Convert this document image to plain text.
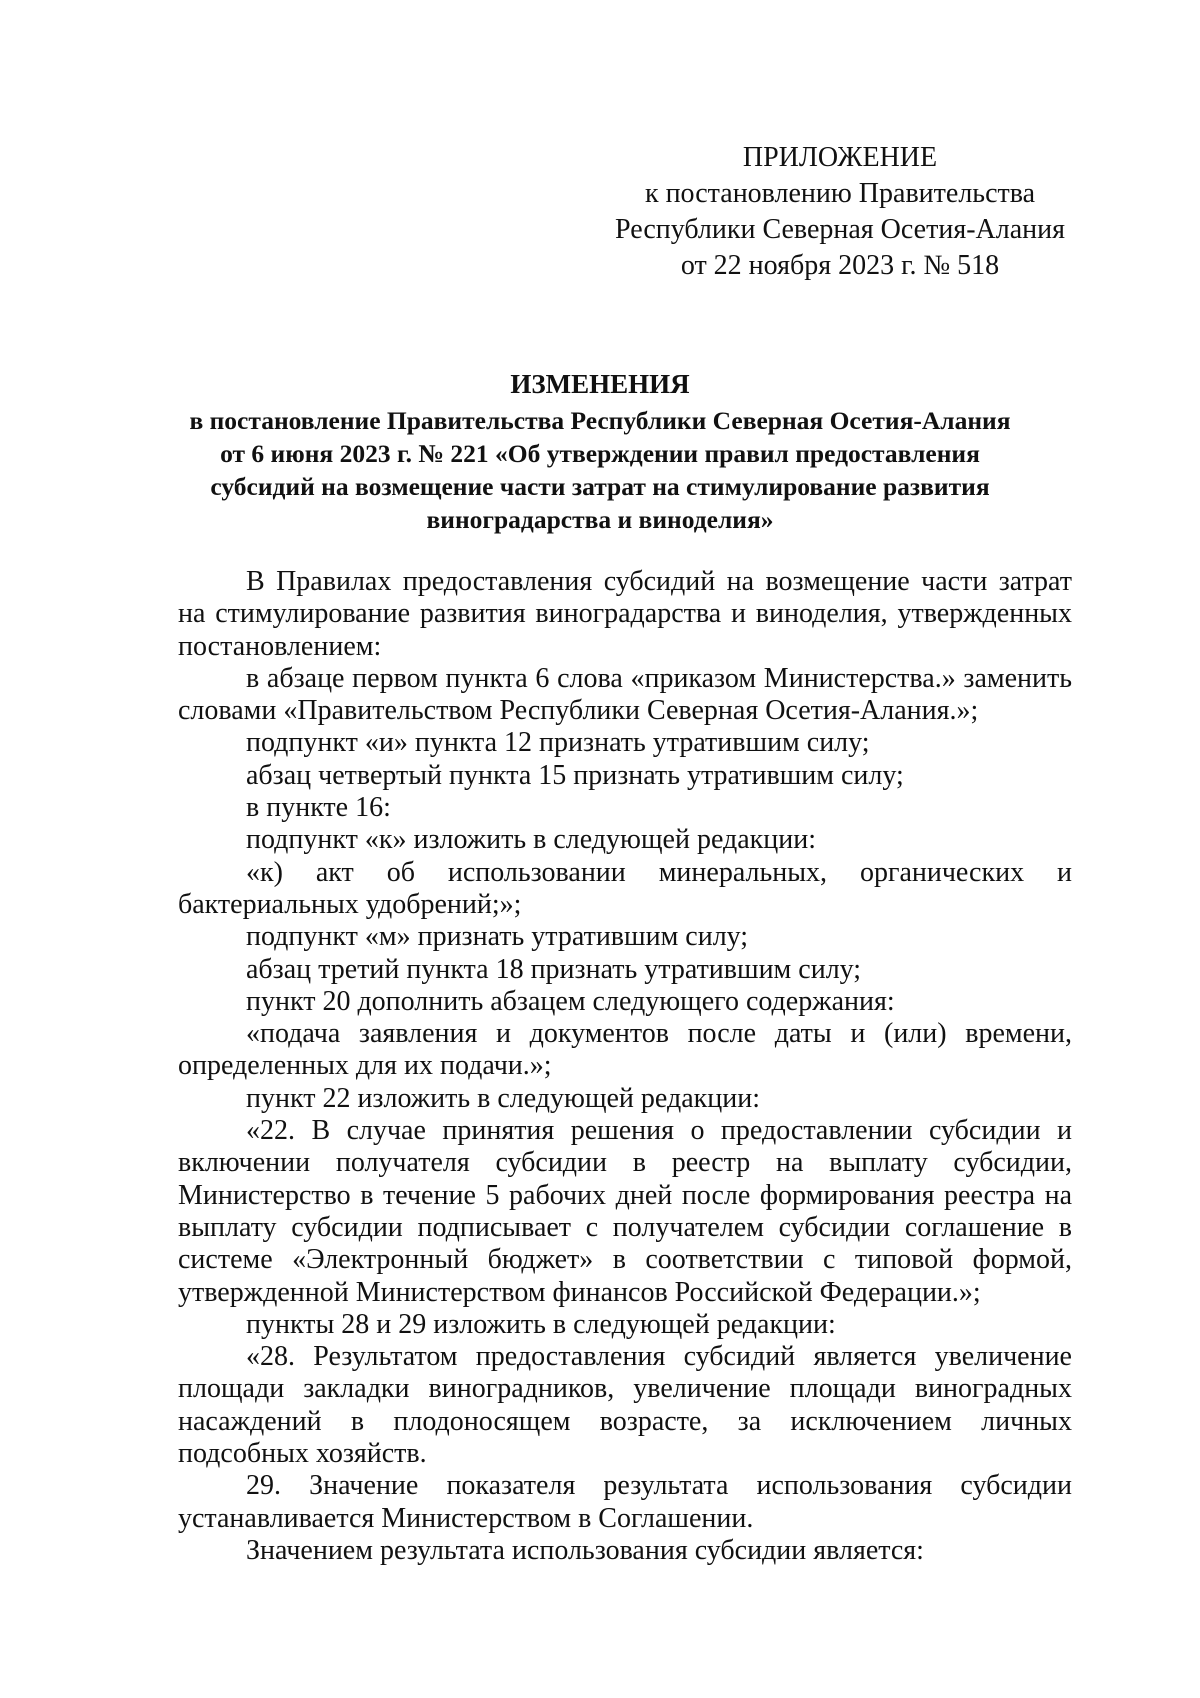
ПРИЛОЖЕНИЕ
к постановлению Правительства
Республики Северная Осетия-Алания
от 22 ноября 2023 г. № 518
ИЗМЕНЕНИЯ
в постановление Правительства Республики Северная Осетия-Алания
от 6 июня 2023 г. № 221 «Об утверждении правил предоставления
субсидий на возмещение части затрат на стимулирование развития
виноградарства и виноделия»

В Правилах предоставления субсидий на возмещение части затрат на стимулирование развития виноградарства и виноделия, утвержденных постановлением:

в абзаце первом пункта 6 слова «приказом Министерства.» заменить словами «Правительством Республики Северная Осетия-Алания.»;

подпункт «и» пункта 12 признать утратившим силу;

абзац четвертый пункта 15 признать утратившим силу;

в пункте 16:

подпункт «к» изложить в следующей редакции:

«к) акт об использовании минеральных, органических и бактериальных удобрений;»;

подпункт «м» признать утратившим силу;

абзац третий пункта 18 признать утратившим силу;

пункт 20 дополнить абзацем следующего содержания:

«подача заявления и документов после даты и (или) времени, определенных для их подачи.»;

пункт 22 изложить в следующей редакции:

«22. В случае принятия решения о предоставлении субсидии и включении получателя субсидии в реестр на выплату субсидии, Министерство в течение 5 рабочих дней после формирования реестра на выплату субсидии подписывает с получателем субсидии соглашение в системе «Электронный бюджет» в соответствии с типовой формой, утвержденной Министерством финансов Российской Федерации.»;

пункты 28 и 29 изложить в следующей редакции:

«28. Результатом предоставления субсидий является увеличение площади закладки виноградников, увеличение площади виноградных насаждений в плодоносящем возрасте, за исключением личных подсобных хозяйств.

29. Значение показателя результата использования субсидии устанавливается Министерством в Соглашении.

Значением результата использования субсидии является:
